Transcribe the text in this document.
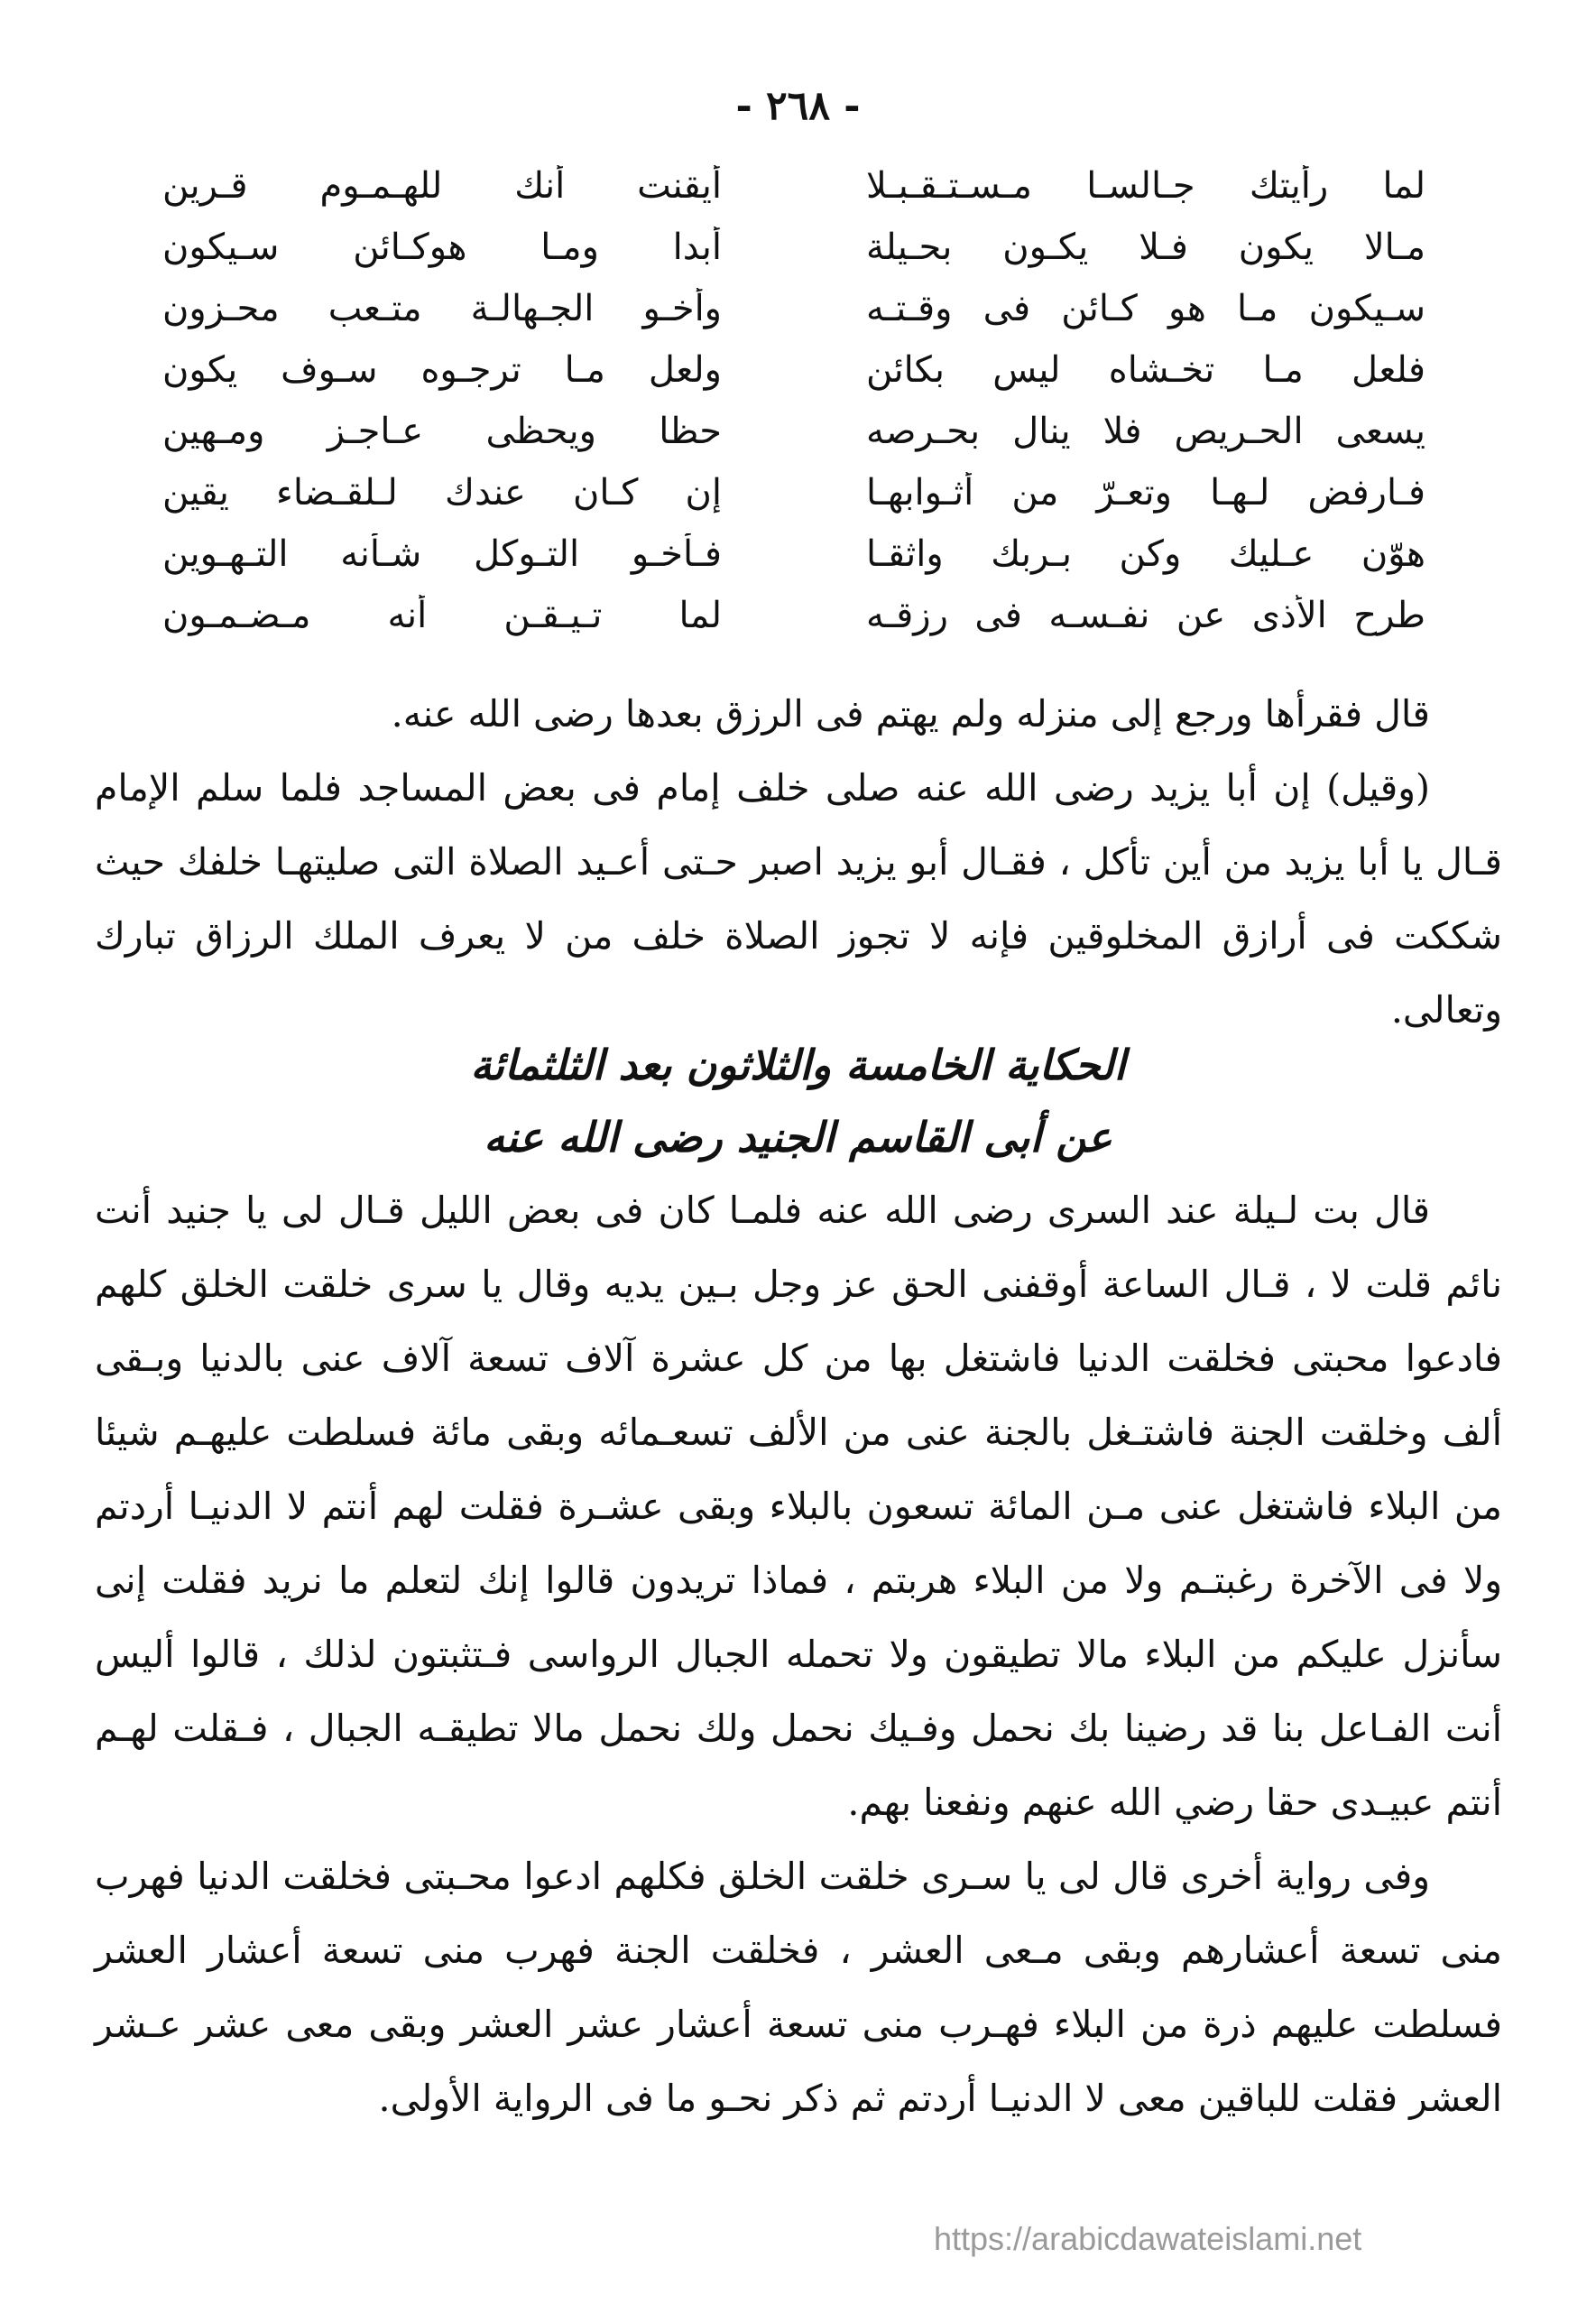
- ٢٦٨ -
لما رأيتك جـالسـا مـسـتـقـبـلا
أيقنت أنك للهـمـوم قـرين
مـالا يكون فـلا يكـون بحـيلة
أبدا ومـا هوكـائن سـيكون
سـيكون مـا هو كـائن فى وقـتـه
وأخـو الجـهالـة متـعب محـزون
فلعل مـا تخـشاه ليس بكائن
ولعل مـا ترجـوه سـوف يكون
يسعى الحـريص فلا ينال بحـرصه
حظا ويحظى عـاجـز ومـهين
فـارفض لـهـا وتعـرّ من أثـوابهـا
إن كـان عندك لـلقـضاء يقين
هوّن عـليك وكن بـربك واثقـا
فـأخـو التـوكل شـأنه التـهـوين
طرح الأذى عن نفـسـه فى رزقـه
لما تـيـقـن أنه مـضـمـون

قال فقرأها ورجع إلى منزله ولم يهتم فى الرزق بعدها رضى الله عنه.

(وقيل) إن أبا يزيد رضى الله عنه صلى خلف إمام فى بعض المساجد فلما سلم الإمام قـال يا أبا يزيد من أين تأكل ، فقـال أبو يزيد اصبر حـتى أعـيد الصلاة التى صليتهـا خلفك حيث شككت فى أرازق المخلوقين فإنه لا تجوز الصلاة خلف من لا يعرف الملك الرزاق تبارك وتعالى.

الحكاية الخامسة والثلاثون بعد الثلثمائة

عن أبى القاسم الجنيد رضى الله عنه

قال بت لـيلة عند السرى رضى الله عنه فلمـا كان فى بعض الليل قـال لى يا جنيد أنت نائم قلت لا ، قـال الساعة أوقفنى الحق عز وجل بـين يديه وقال يا سرى خلقت الخلق كلهم فادعوا محبتى فخلقت الدنيا فاشتغل بها من كل عشرة آلاف تسعة آلاف عنى بالدنيا وبـقى ألف وخلقت الجنة فاشتـغل بالجنة عنى من الألف تسعـمائه وبقى مائة فسلطت عليهـم شيئا من البلاء فاشتغل عنى مـن المائة تسعون بالبلاء وبقى عشـرة فقلت لهم أنتم لا الدنيـا أردتم ولا فى الآخرة رغبتـم ولا من البلاء هربتم ، فماذا تريدون قالوا إنك لتعلم ما نريد فقلت إنى سأنزل عليكم من البلاء مالا تطيقون ولا تحمله الجبال الرواسى فـتثبتون لذلك ، قالوا أليس أنت الفـاعل بنا قد رضينا بك نحمل وفـيك نحمل ولك نحمل مالا تطيقـه الجبال ، فـقلت لهـم أنتم عبيـدى حقا رضي الله عنهم ونفعنا بهم.

وفى رواية أخرى قال لى يا سـرى خلقت الخلق فكلهم ادعوا محـبتى فخلقت الدنيا فهرب منى تسعة أعشارهم وبقى مـعى العشر ، فخلقت الجنة فهرب منى تسعة أعشار العشر فسلطت عليهم ذرة من البلاء فهـرب منى تسعة أعشار عشر العشر وبقى معى عشر عـشر العشر فقلت للباقين معى لا الدنيـا أردتم ثم ذكر نحـو ما فى الرواية الأولى.

https://arabicdawateislami.net
